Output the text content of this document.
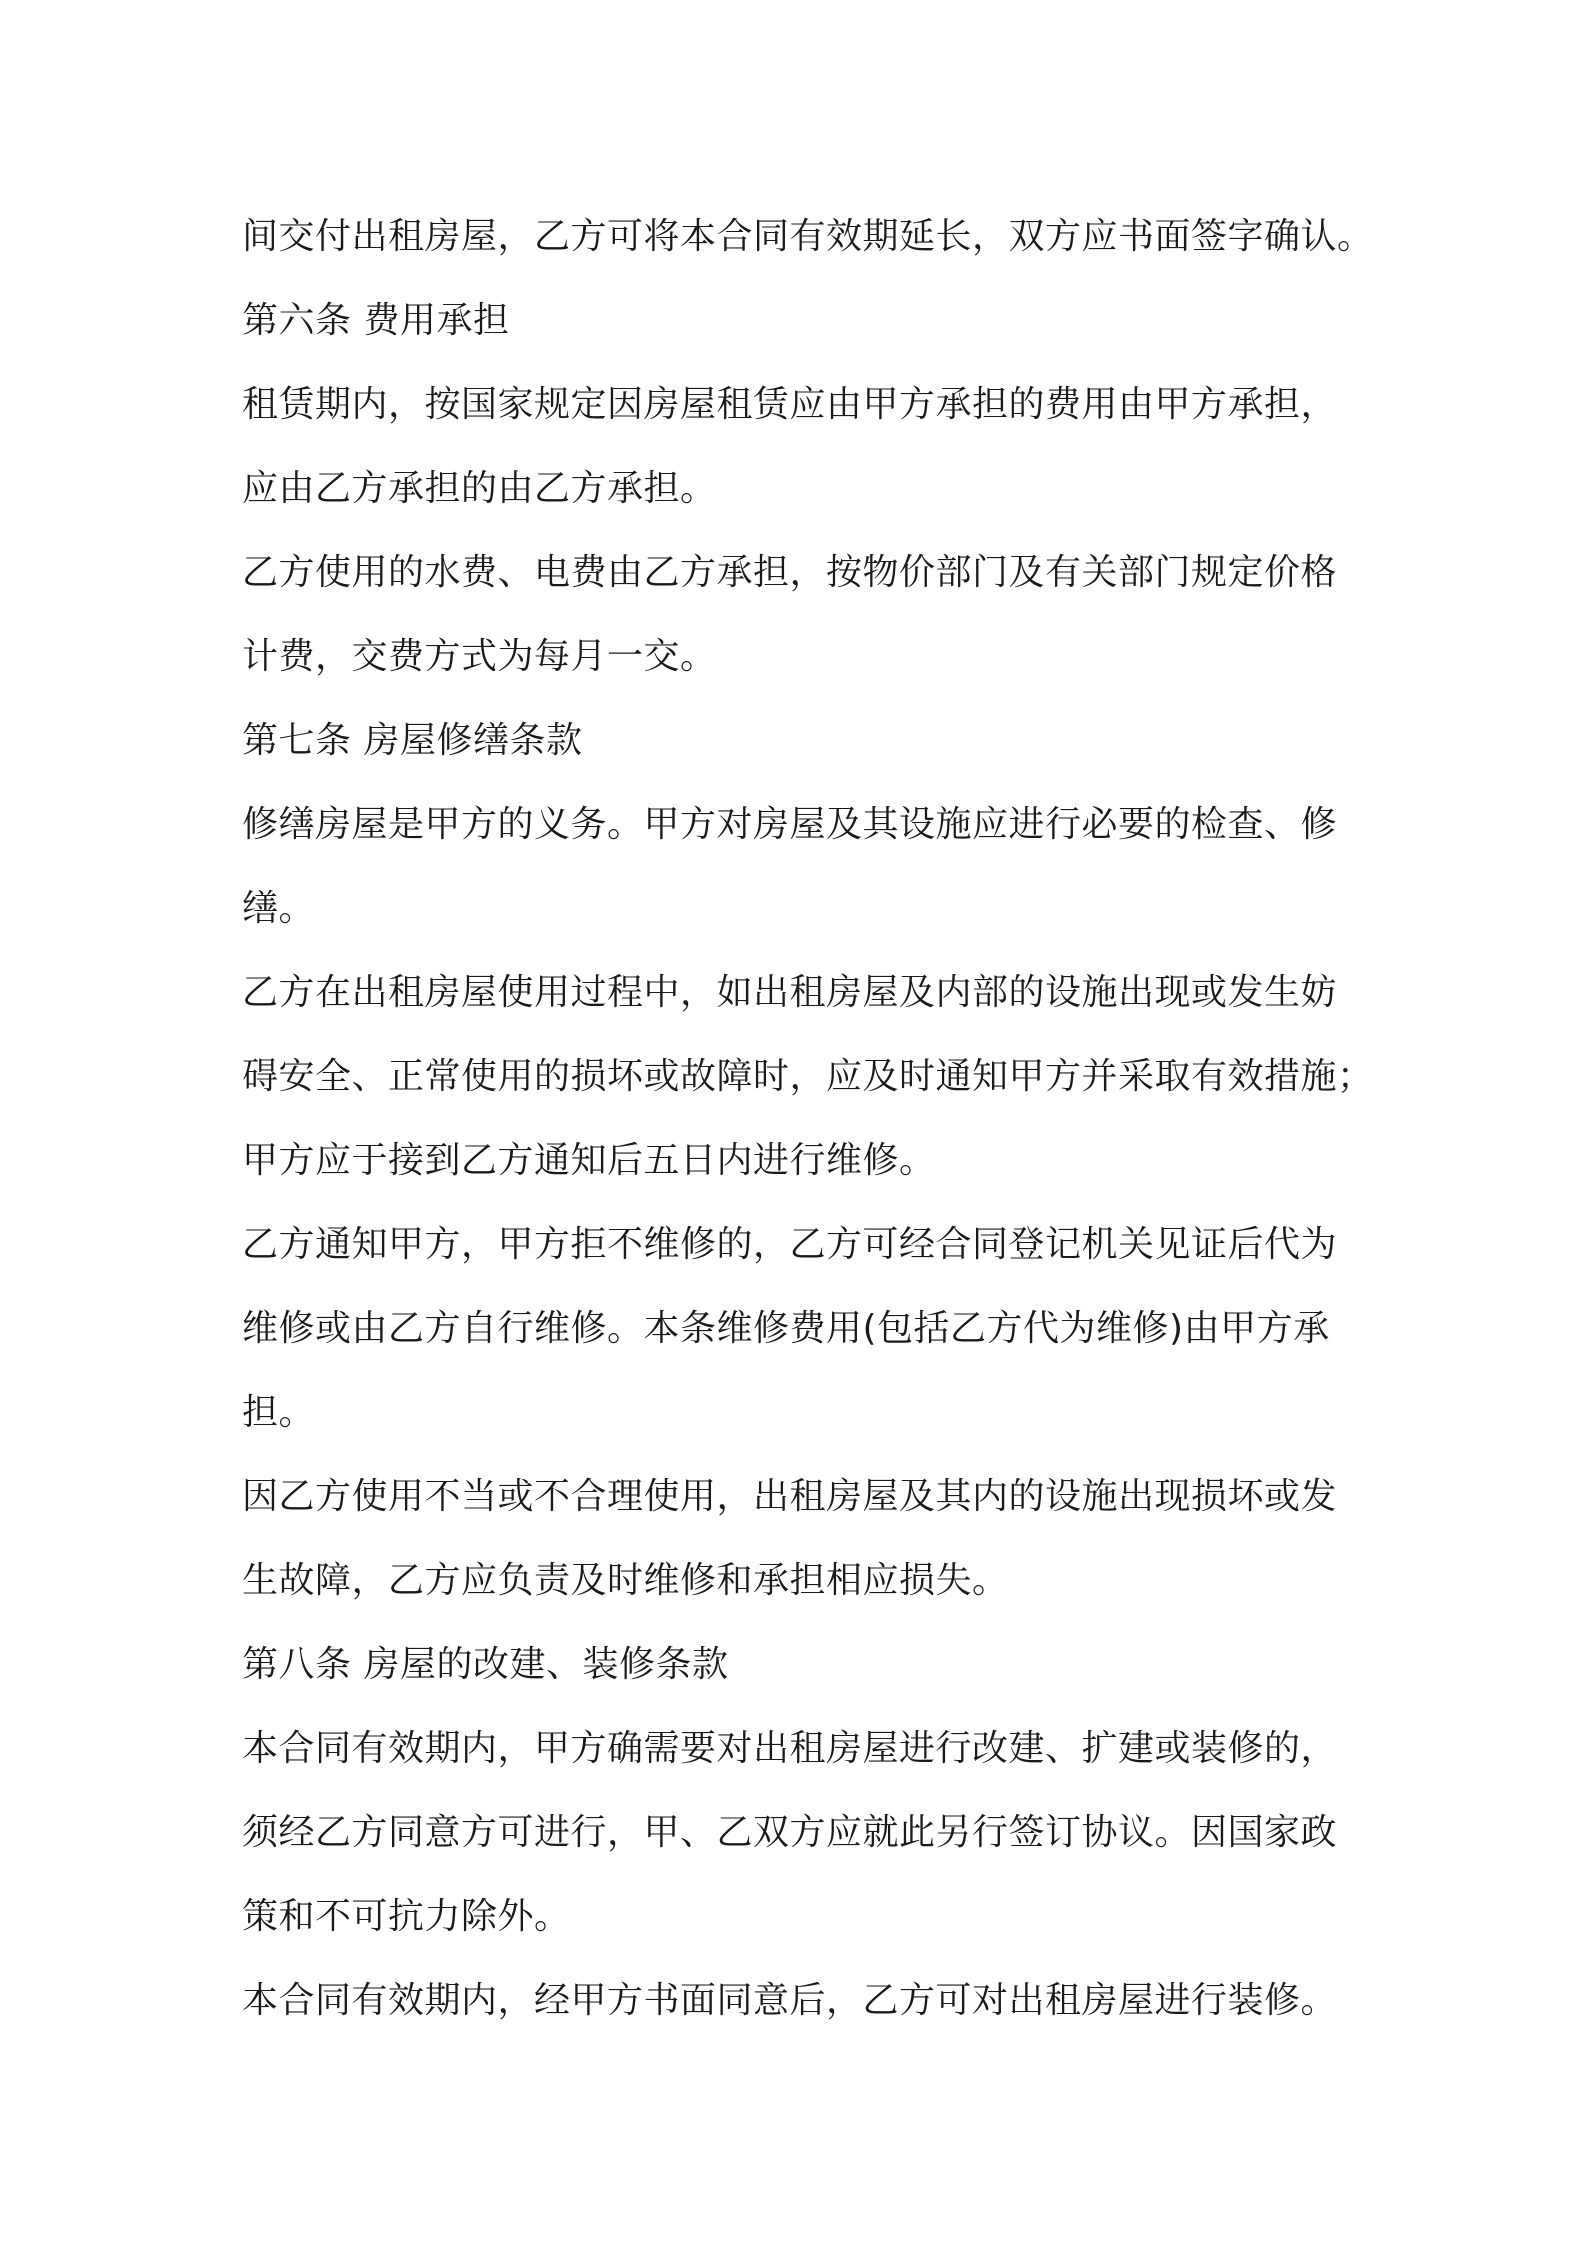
间交付出租房屋，乙方可将本合同有效期延长，双方应书面签字确认。

第六条 费用承担

租赁期内，按国家规定因房屋租赁应由甲方承担的费用由甲方承担，

应由乙方承担的由乙方承担。

乙方使用的水费、电费由乙方承担，按物价部门及有关部门规定价格

计费，交费方式为每月一交。

第七条 房屋修缮条款

修缮房屋是甲方的义务。甲方对房屋及其设施应进行必要的检查、修

缮。

乙方在出租房屋使用过程中，如出租房屋及内部的设施出现或发生妨

碍安全、正常使用的损坏或故障时，应及时通知甲方并采取有效措施；

甲方应于接到乙方通知后五日内进行维修。

乙方通知甲方，甲方拒不维修的，乙方可经合同登记机关见证后代为

维修或由乙方自行维修。本条维修费用(包括乙方代为维修)由甲方承

担。

因乙方使用不当或不合理使用，出租房屋及其内的设施出现损坏或发

生故障，乙方应负责及时维修和承担相应损失。

第八条 房屋的改建、装修条款

本合同有效期内，甲方确需要对出租房屋进行改建、扩建或装修的，

须经乙方同意方可进行，甲、乙双方应就此另行签订协议。因国家政

策和不可抗力除外。

本合同有效期内，经甲方书面同意后，乙方可对出租房屋进行装修。
